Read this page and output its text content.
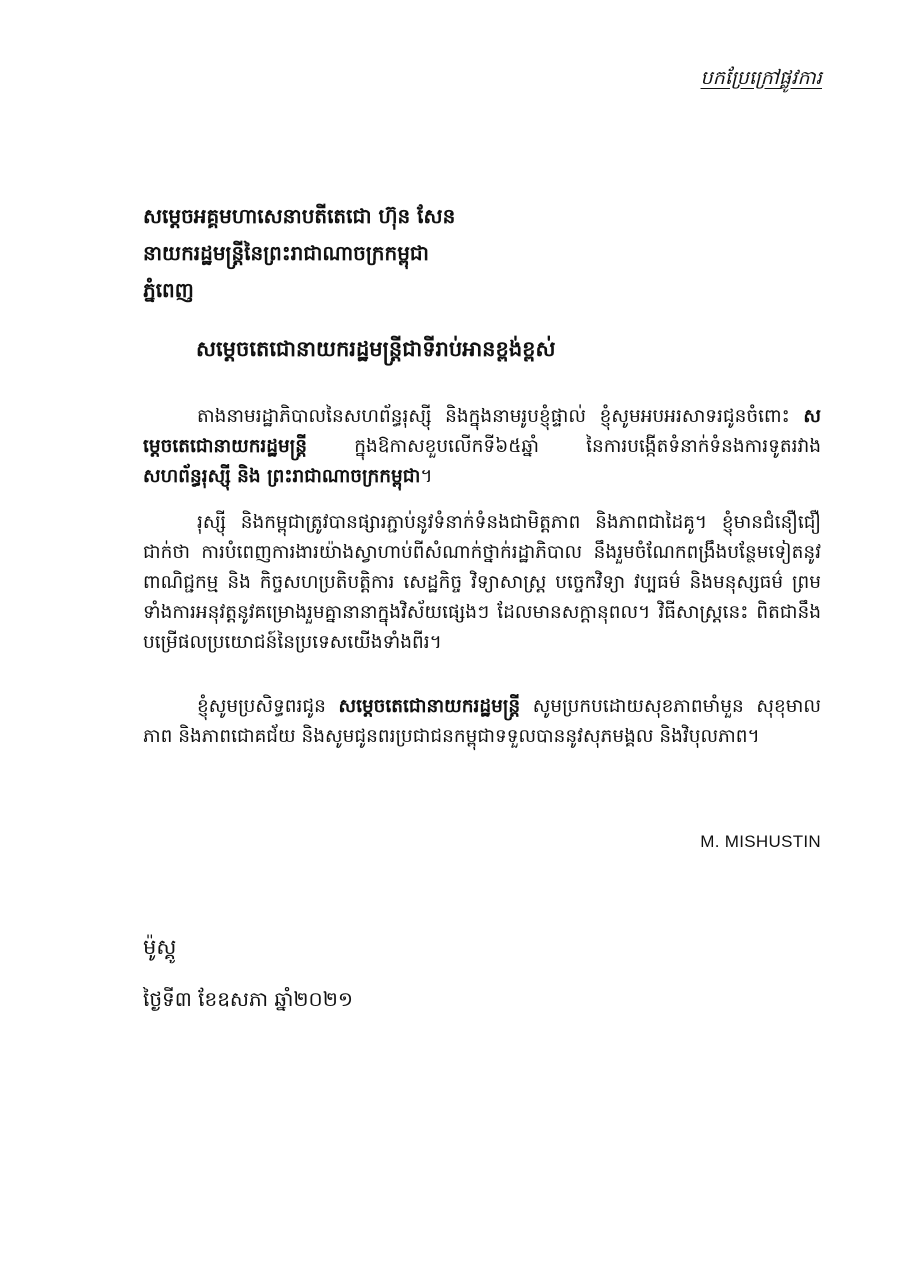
បកប្រែក្រៅផ្លូវការ
សម្តេចអគ្គមហាសេនាបតីតេជោ ហ៊ុន សែន
នាយករដ្ឋមន្ត្រីនៃព្រះរាជាណាចក្រកម្ពុជា
ភ្នំពេញ
សម្តេចតេជោនាយករដ្ឋមន្ត្រីជាទីរាប់អានខ្ពង់ខ្ពស់
តាងនាមរដ្ឋាភិបាលនៃសហព័ន្ធរុស្ស៊ី និងក្នុងនាមរូបខ្ញុំផ្ទាល់ ខ្ញុំសូមអបអរសាទរជូនចំពោះ សម្តេចតេជោនាយករដ្ឋមន្ត្រី ក្នុងឱកាសខួបលើកទី៦៥ឆ្នាំ នៃការបង្កើតទំនាក់ទំនងការទូតរវាង សហព័ន្ធរុស្ស៊ី និង ព្រះរាជាណាចក្រកម្ពុជា។
រុស្ស៊ី និងកម្ពុជាត្រូវបានផ្សារភ្ជាប់នូវទំនាក់ទំនងជាមិត្តភាព និងភាពជាដៃគូ។ ខ្ញុំមានជំនឿជឿជាក់ថា ការបំពេញការងារយ៉ាងស្វាហាប់ពីសំណាក់ថ្នាក់រដ្ឋាភិបាល នឹងរួមចំណែកពង្រឹងបន្ថែមទៀតនូវពាណិជ្ជកម្ម និង កិច្ចសហប្រតិបត្តិការ សេដ្ឋកិច្ច វិទ្យាសាស្ត្រ បច្ចេកវិទ្យា វប្បធម៌ និងមនុស្សធម៌ ព្រមទាំងការអនុវត្តនូវគម្រោងរួមគ្នានានាក្នុងវិស័យផ្សេងៗ ដែលមានសក្តានុពល។ វិធីសាស្ត្រនេះ ពិតជានឹងបម្រើផលប្រយោជន៍នៃប្រទេសយើងទាំងពីរ។
ខ្ញុំសូមប្រសិទ្ធពរជូន សម្តេចតេជោនាយករដ្ឋមន្ត្រី សូមប្រកបដោយសុខភាពមាំមួន សុខុមាលភាព និងភាពជោគជ័យ និងសូមជូនពរប្រជាជនកម្ពុជាទទួលបាននូវសុភមង្គល និងវិបុលភាព។
M. MISHUSTIN
ម៉ូស្គូ
ថ្ងៃទី៣ ខែឧសភា ឆ្នាំ២០២១
